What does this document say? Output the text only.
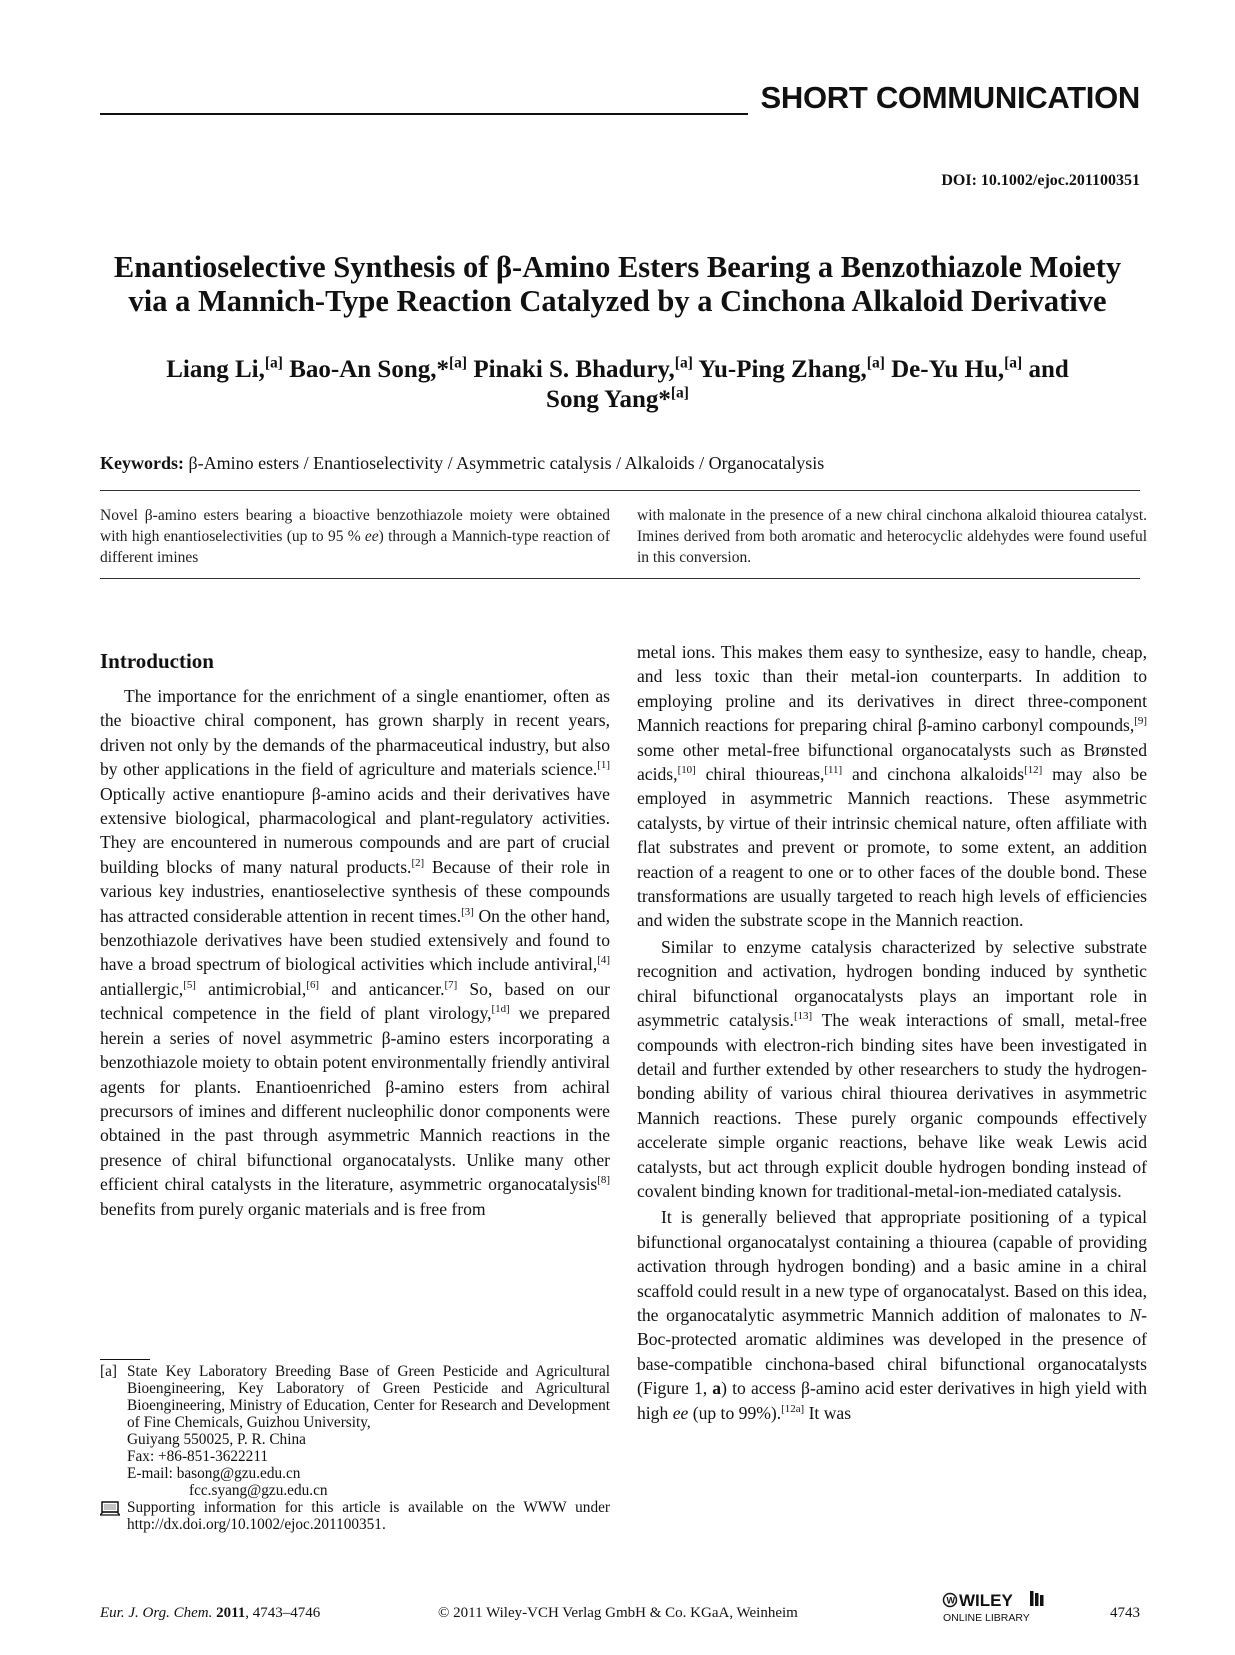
SHORT COMMUNICATION
DOI: 10.1002/ejoc.201100351
Enantioselective Synthesis of β-Amino Esters Bearing a Benzothiazole Moiety
via a Mannich-Type Reaction Catalyzed by a Cinchona Alkaloid Derivative
Liang Li,[a] Bao-An Song,*[a] Pinaki S. Bhadury,[a] Yu-Ping Zhang,[a] De-Yu Hu,[a] and
Song Yang*[a]
Keywords: β-Amino esters / Enantioselectivity / Asymmetric catalysis / Alkaloids / Organocatalysis
Novel β-amino esters bearing a bioactive benzothiazole moiety were obtained with high enantioselectivities (up to 95 % ee) through a Mannich-type reaction of different imines
with malonate in the presence of a new chiral cinchona alkaloid thiourea catalyst. Imines derived from both aromatic and heterocyclic aldehydes were found useful in this conversion.
Introduction

The importance for the enrichment of a single enantiomer, often as the bioactive chiral component, has grown sharply in recent years, driven not only by the demands of the pharmaceutical industry, but also by other applications in the field of agriculture and materials science.[1] Optically active enantiopure β-amino acids and their derivatives have extensive biological, pharmacological and plant-regulatory activities. They are encountered in numerous compounds and are part of crucial building blocks of many natural products.[2] Because of their role in various key industries, enantioselective synthesis of these compounds has attracted considerable attention in recent times.[3] On the other hand, benzothiazole derivatives have been studied extensively and found to have a broad spectrum of biological activities which include antiviral,[4] antiallergic,[5] antimicrobial,[6] and anticancer.[7] So, based on our technical competence in the field of plant virology,[1d] we prepared herein a series of novel asymmetric β-amino esters incorporating a benzothiazole moiety to obtain potent environmentally friendly antiviral agents for plants. Enantioenriched β-amino esters from achiral precursors of imines and different nucleophilic donor components were obtained in the past through asymmetric Mannich reactions in the presence of chiral bifunctional organocatalysts. Unlike many other efficient chiral catalysts in the literature, asymmetric organocatalysis[8] benefits from purely organic materials and is free from

metal ions. This makes them easy to synthesize, easy to handle, cheap, and less toxic than their metal-ion counterparts. In addition to employing proline and its derivatives in direct three-component Mannich reactions for preparing chiral β-amino carbonyl compounds,[9] some other metal-free bifunctional organocatalysts such as Brønsted acids,[10] chiral thioureas,[11] and cinchona alkaloids[12] may also be employed in asymmetric Mannich reactions. These asymmetric catalysts, by virtue of their intrinsic chemical nature, often affiliate with flat substrates and prevent or promote, to some extent, an addition reaction of a reagent to one or to other faces of the double bond. These transformations are usually targeted to reach high levels of efficiencies and widen the substrate scope in the Mannich reaction.

Similar to enzyme catalysis characterized by selective substrate recognition and activation, hydrogen bonding induced by synthetic chiral bifunctional organocatalysts plays an important role in asymmetric catalysis.[13] The weak interactions of small, metal-free compounds with electron-rich binding sites have been investigated in detail and further extended by other researchers to study the hydrogen-bonding ability of various chiral thiourea derivatives in asymmetric Mannich reactions. These purely organic compounds effectively accelerate simple organic reactions, behave like weak Lewis acid catalysts, but act through explicit double hydrogen bonding instead of covalent binding known for traditional-metal-ion-mediated catalysis.

It is generally believed that appropriate positioning of a typical bifunctional organocatalyst containing a thiourea (capable of providing activation through hydrogen bonding) and a basic amine in a chiral scaffold could result in a new type of organocatalyst. Based on this idea, the organocatalytic asymmetric Mannich addition of malonates to N-Boc-protected aromatic aldimines was developed in the presence of base-compatible cinchona-based chiral bifunctional organocatalysts (Figure 1, a) to access β-amino acid ester derivatives in high yield with high ee (up to 99%).[12a] It was

[a] State Key Laboratory Breeding Base of Green Pesticide and Agricultural Bioengineering, Key Laboratory of Green Pesticide and Agricultural Bioengineering, Ministry of Education, Center for Research and Development of Fine Chemicals, Guizhou University,
Guiyang 550025, P. R. China
Fax: +86-851-3622211
E-mail: basong@gzu.edu.cn
fcc.syang@gzu.edu.cn
Supporting information for this article is available on the WWW under http://dx.doi.org/10.1002/ejoc.201100351.
Eur. J. Org. Chem. 2011, 4743–4746	© 2011 Wiley-VCH Verlag GmbH & Co. KGaA, Weinheim
W WILEY
ONLINE LIBRARY	4743
